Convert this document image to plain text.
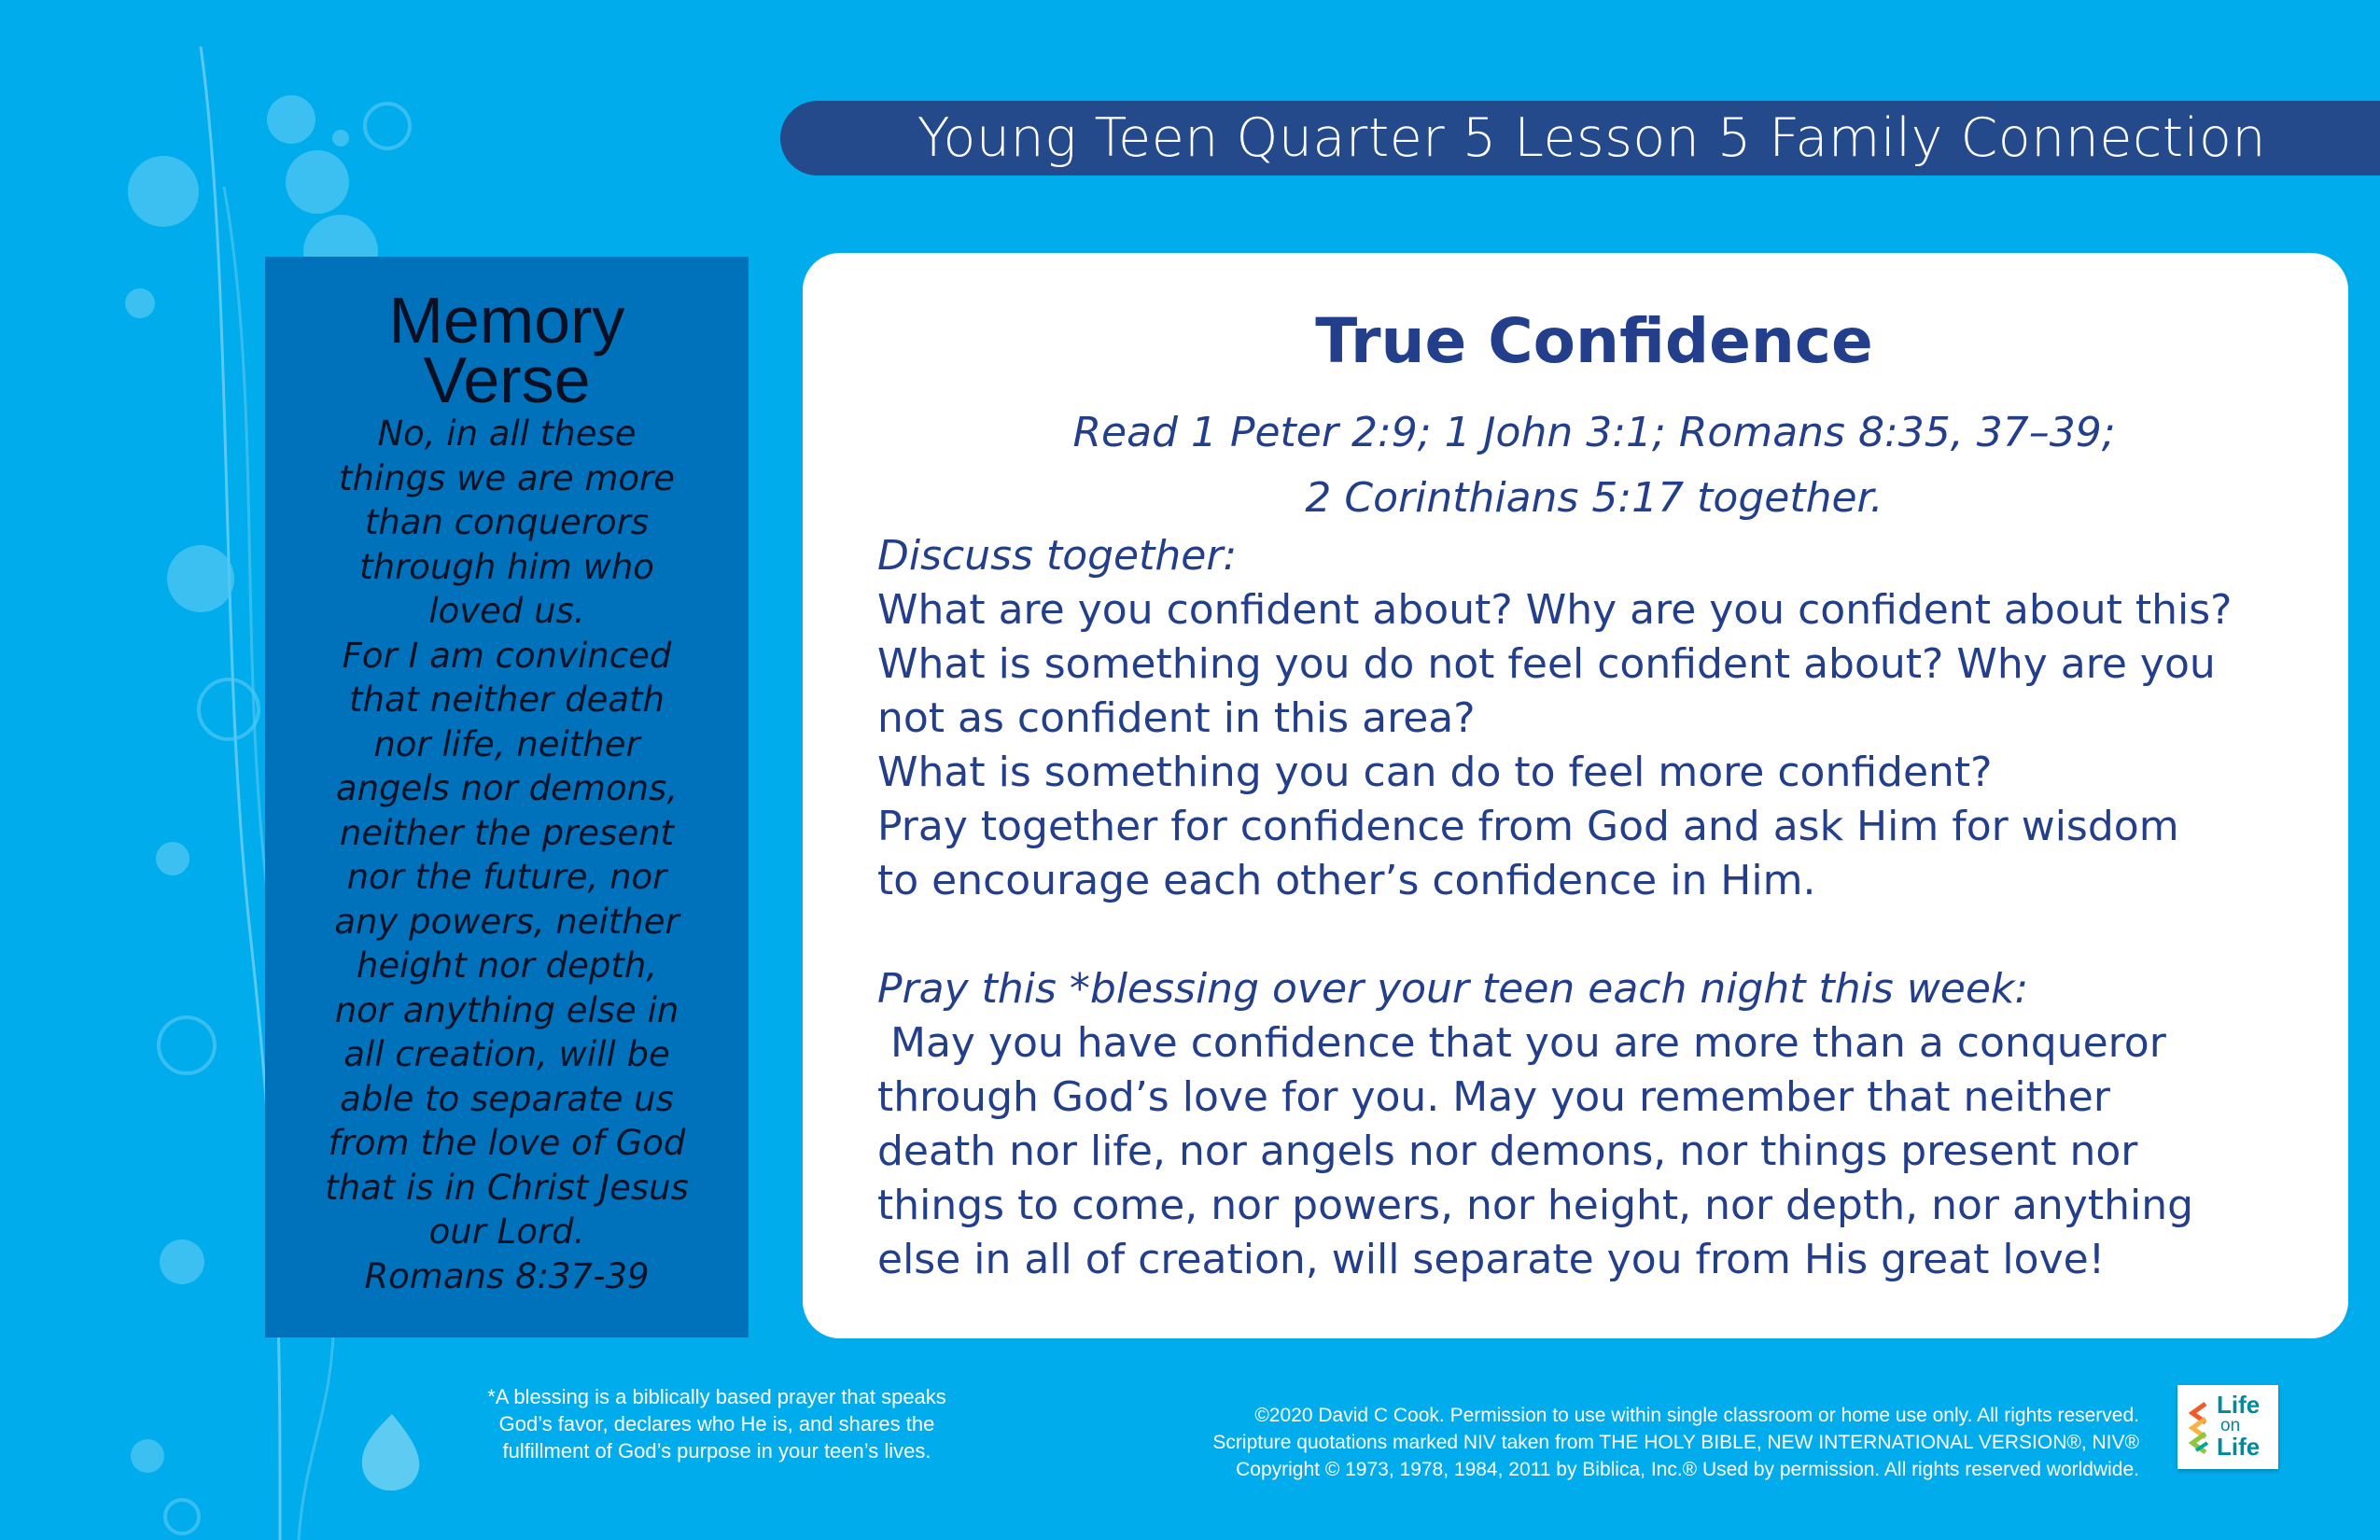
Young Teen Quarter 5 Lesson 5 Family Connection
Memory
Verse

No, in all these

things we are more

than conquerors

through him who

loved us.

For I am convinced

that neither death

nor life, neither

angels nor demons,

neither the present

nor the future, nor

any powers, neither

height nor depth,

nor anything else in

all creation, will be

able to separate us

from the love of God

that is in Christ Jesus

our Lord.

Romans 8:37-39

True Confidence

Read 1 Peter 2:9; 1 John 3:1; Romans 8:35, 37–39;

2 Corinthians 5:17 together.

Discuss together:

What are you confident about? Why are you confident about this?

What is something you do not feel confident about? Why are you

not as confident in this area?

What is something you can do to feel more confident?

Pray together for confidence from God and ask Him for wisdom

to encourage each other’s confidence in Him.

Pray this *blessing over your teen each night this week:

May you have confidence that you are more than a conqueror

through God’s love for you. May you remember that neither

death nor life, nor angels nor demons, nor things present nor

things to come, nor powers, nor height, nor depth, nor anything

else in all of creation, will separate you from His great love!

*A blessing is a biblically based prayer that speaks

God’s favor, declares who He is, and shares the

fulfillment of God’s purpose in your teen’s lives.

©2020 David C Cook. Permission to use within single classroom or home use only. All rights reserved.

Scripture quotations marked NIV taken from THE HOLY BIBLE, NEW INTERNATIONAL VERSION®, NIV®

Copyright © 1973, 1978, 1984, 2011 by Biblica, Inc.® Used by permission. All rights reserved worldwide.

Life
on
Life
